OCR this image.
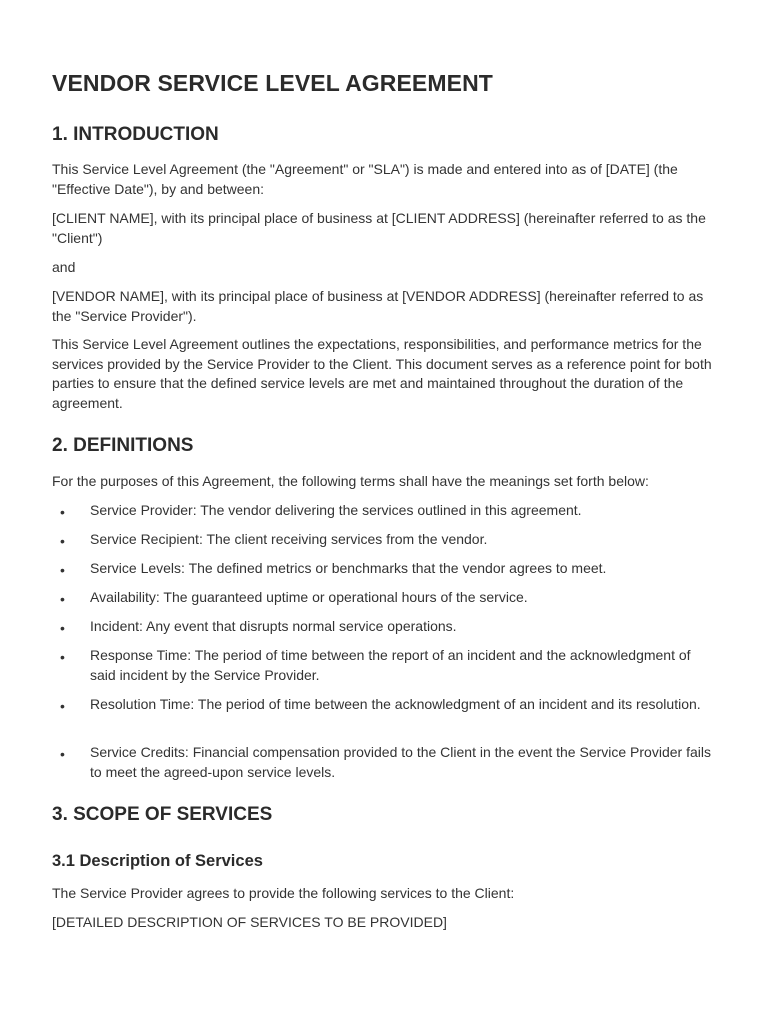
VENDOR SERVICE LEVEL AGREEMENT
1. INTRODUCTION

This Service Level Agreement (the "Agreement" or "SLA") is made and entered into as of [DATE] (the "Effective Date"), by and between:

[CLIENT NAME], with its principal place of business at [CLIENT ADDRESS] (hereinafter referred to as the "Client")

and

[VENDOR NAME], with its principal place of business at [VENDOR ADDRESS] (hereinafter referred to as the "Service Provider").

This Service Level Agreement outlines the expectations, responsibilities, and performance metrics for the services provided by the Service Provider to the Client. This document serves as a reference point for both parties to ensure that the defined service levels are met and maintained throughout the duration of the agreement.

2. DEFINITIONS

For the purposes of this Agreement, the following terms shall have the meanings set forth below:

• Service Provider: The vendor delivering the services outlined in this agreement.
• Service Recipient: The client receiving services from the vendor.
• Service Levels: The defined metrics or benchmarks that the vendor agrees to meet.
• Availability: The guaranteed uptime or operational hours of the service.
• Incident: Any event that disrupts normal service operations.
• Response Time: The period of time between the report of an incident and the acknowledgment of said incident by the Service Provider.
• Resolution Time: The period of time between the acknowledgment of an incident and its resolution.
• Service Credits: Financial compensation provided to the Client in the event the Service Provider fails to meet the agreed-upon service levels.
3. SCOPE OF SERVICES
3.1 Description of Services

The Service Provider agrees to provide the following services to the Client:

[DETAILED DESCRIPTION OF SERVICES TO BE PROVIDED]
